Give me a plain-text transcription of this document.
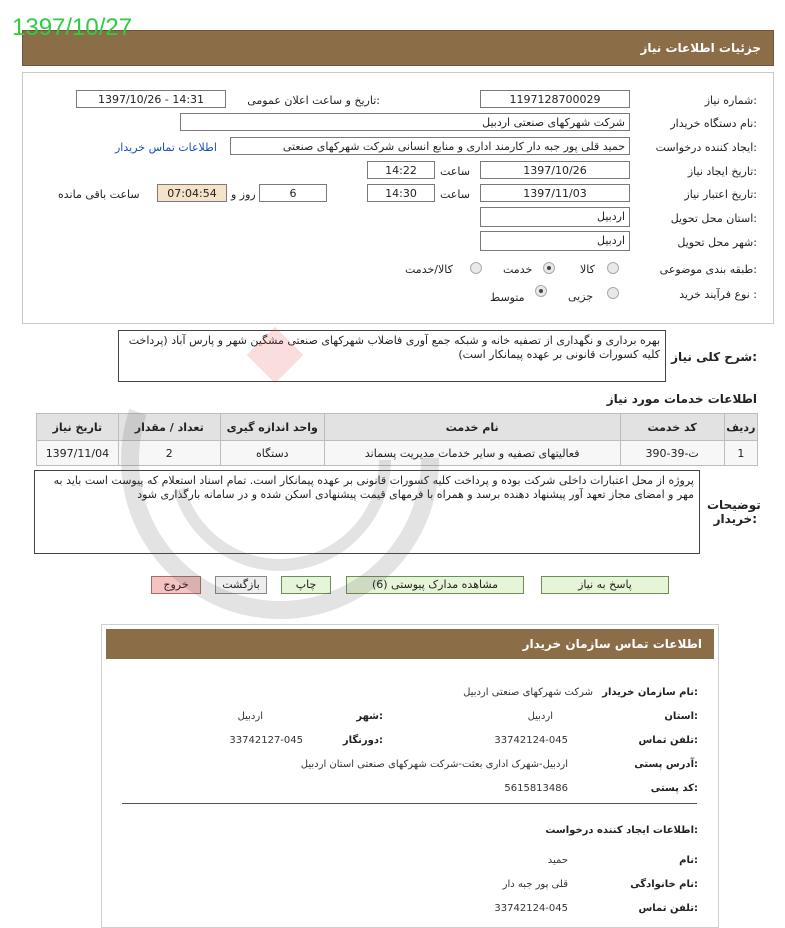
1397/10/27
جزئیات اطلاعات نیاز
شماره نیاز:
1197128700029
تاریخ و ساعت اعلان عمومی:
1397/10/26 - 14:31
نام دستگاه خریدار:
شرکت شهرکهای صنعتی اردبیل
ایجاد کننده درخواست:
حمید قلی پور جبه دار کارمند اداری و منابع انسانی شرکت شهرکهای صنعتی
اطلاعات تماس خریدار
تاریخ ایجاد نیاز:
1397/10/26
ساعت
14:22
تاریخ اعتبار نیاز:
1397/11/03
ساعت
14:30
6
روز و
07:04:54
ساعت باقی مانده
استان محل تحویل:
اردبیل
شهر محل تحویل:
اردبیل
طبقه بندی موضوعی:
کالا
خدمت
کالا/خدمت
نوع فرآیند خرید :
جزیی
متوسط
شرح کلی نیاز:
بهره برداری و نگهداری از تصفیه خانه و شبکه جمع آوری فاضلاب شهرکهای صنعتی مشگین شهر و پارس آباد (پرداخت کلیه کسورات قانونی بر عهده پیمانکار است)
اطلاعات خدمات مورد نیاز
تاریخ نیاز	تعداد / مقدار	واحد اندازه گیری	نام خدمت	کد خدمت	ردیف
1397/11/04	2	دستگاه	فعالیتهای تصفیه و سایر خدمات مدیریت پسماند	ت-39-390	1
توضیحات خریدار:
پروژه از محل اعتبارات داخلی شرکت بوده و پرداخت کلیه کسورات قانونی بر عهده پیمانکار است. تمام اسناد استعلام که پیوست است باید به مهر و امضای مجاز تعهد آور پیشنهاد دهنده برسد و همراه با فرمهای قیمت پیشنهادی اسکن شده و در سامانه بارگذاری شود
پاسخ به نیاز
مشاهده مدارک پیوستی (6)
چاپ
بازگشت
خروج
اطلاعات تماس سازمان خریدار
نام سازمان خریدار:
شرکت شهرکهای صنعتی اردبیل
استان:
اردبیل
شهر:
اردبیل
تلفن تماس:
33742124-045
دورنگار:
33742127-045
آدرس پستی:
اردبیل-شهرک اداری بعثت-شرکت شهرکهای صنعتی استان اردبیل
کد پستی:
5615813486
اطلاعات ایجاد کننده درخواست:
نام:
حمید
نام خانوادگی:
قلی پور جبه دار
تلفن تماس:
33742124-045
